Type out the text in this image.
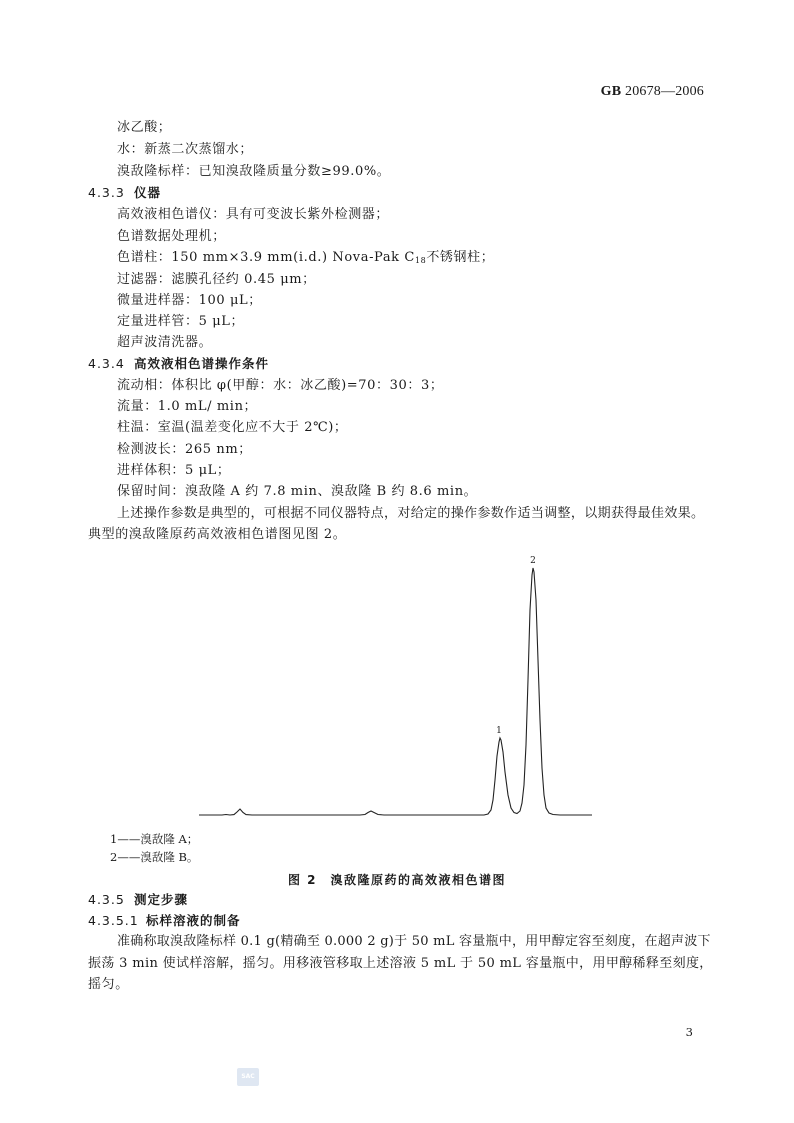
GB 20678—2006
冰乙酸；
水：新蒸二次蒸馏水；
溴敌隆标样：已知溴敌隆质量分数≥99.0%。
4.3.3 仪器
高效液相色谱仪：具有可变波长紫外检测器；
色谱数据处理机；
色谱柱：150 mm×3.9 mm(i.d.) Nova-Pak $C_{18}$不锈钢柱；
过滤器：滤膜孔径约 0.45 μm；
微量进样器：100 μL；
定量进样管：5 μL；
超声波清洗器。
4.3.4 高效液相色谱操作条件
流动相：体积比 φ(甲醇：水：冰乙酸)=70：30：3；
流量：1.0 mL/ min；
柱温：室温(温差变化应不大于 2℃)；
检测波长：265 nm；
进样体积：5 μL；
保留时间：溴敌隆 A 约 7.8 min、溴敌隆 B 约 8.6 min。
上述操作参数是典型的，可根据不同仪器特点，对给定的操作参数作适当调整，以期获得最佳效果。
典型的溴敌隆原药高效液相色谱图见图 2。
1
2
1——溴敌隆 A；
2——溴敌隆 B。
图 2　溴敌隆原药的高效液相色谱图
4.3.5 测定步骤
4.3.5.1 标样溶液的制备
准确称取溴敌隆标样 0.1 g(精确至 0.000 2 g)于 50 mL 容量瓶中，用甲醇定容至刻度，在超声波下
振荡 3 min 使试样溶解，摇匀。用移液管移取上述溶液 5 mL 于 50 mL 容量瓶中，用甲醇稀释至刻度，
摇匀。
3
SAC
